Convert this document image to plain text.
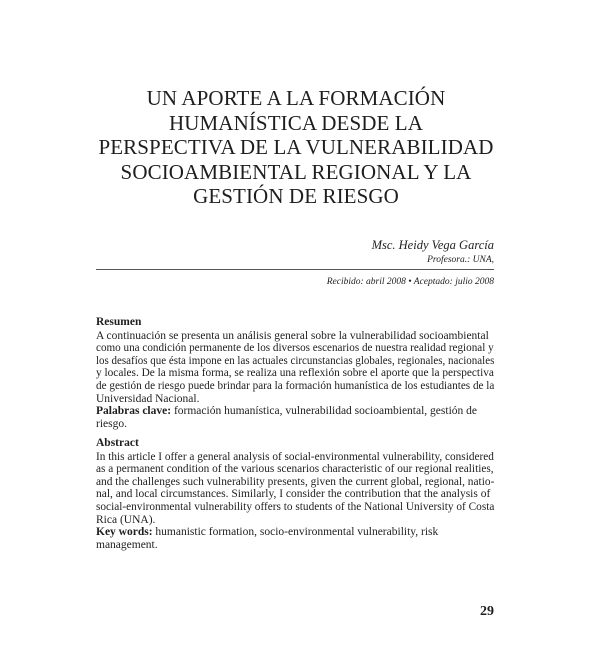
UN APORTE A LA FORMACIÓN
HUMANÍSTICA DESDE LA
PERSPECTIVA DE LA VULNERABILIDAD
SOCIOAMBIENTAL REGIONAL Y LA
GESTIÓN DE RIESGO
Msc. Heidy Vega García
Profesora.: UNA,
Recibido: abril 2008 • Aceptado: julio 2008
Resumen
A continuación se presenta un análisis general sobre la vulnerabilidad socioambiental
como una condición permanente de los diversos escenarios de nuestra realidad regional y
los desafíos que ésta impone en las actuales circunstancias globales, regionales, nacionales
y locales. De la misma forma, se realiza una reflexión sobre el aporte que la perspectiva
de gestión de riesgo puede brindar para la formación humanística de los estudiantes de la
Universidad Nacional.
Palabras clave: formación humanística, vulnerabilidad socioambiental, gestión de riesgo.
Abstract
In this article I offer a general analysis of social-environmental vulnerability, considered
as a permanent condition of the various scenarios characteristic of our regional realities,
and the challenges such vulnerability presents, given the current global, regional, natio-
nal, and local circumstances. Similarly, I consider the contribution that the analysis of
social-environmental vulnerability offers to students of the National University of Costa
Rica (UNA).
Key words: humanistic formation, socio-environmental vulnerability, risk management.
29
